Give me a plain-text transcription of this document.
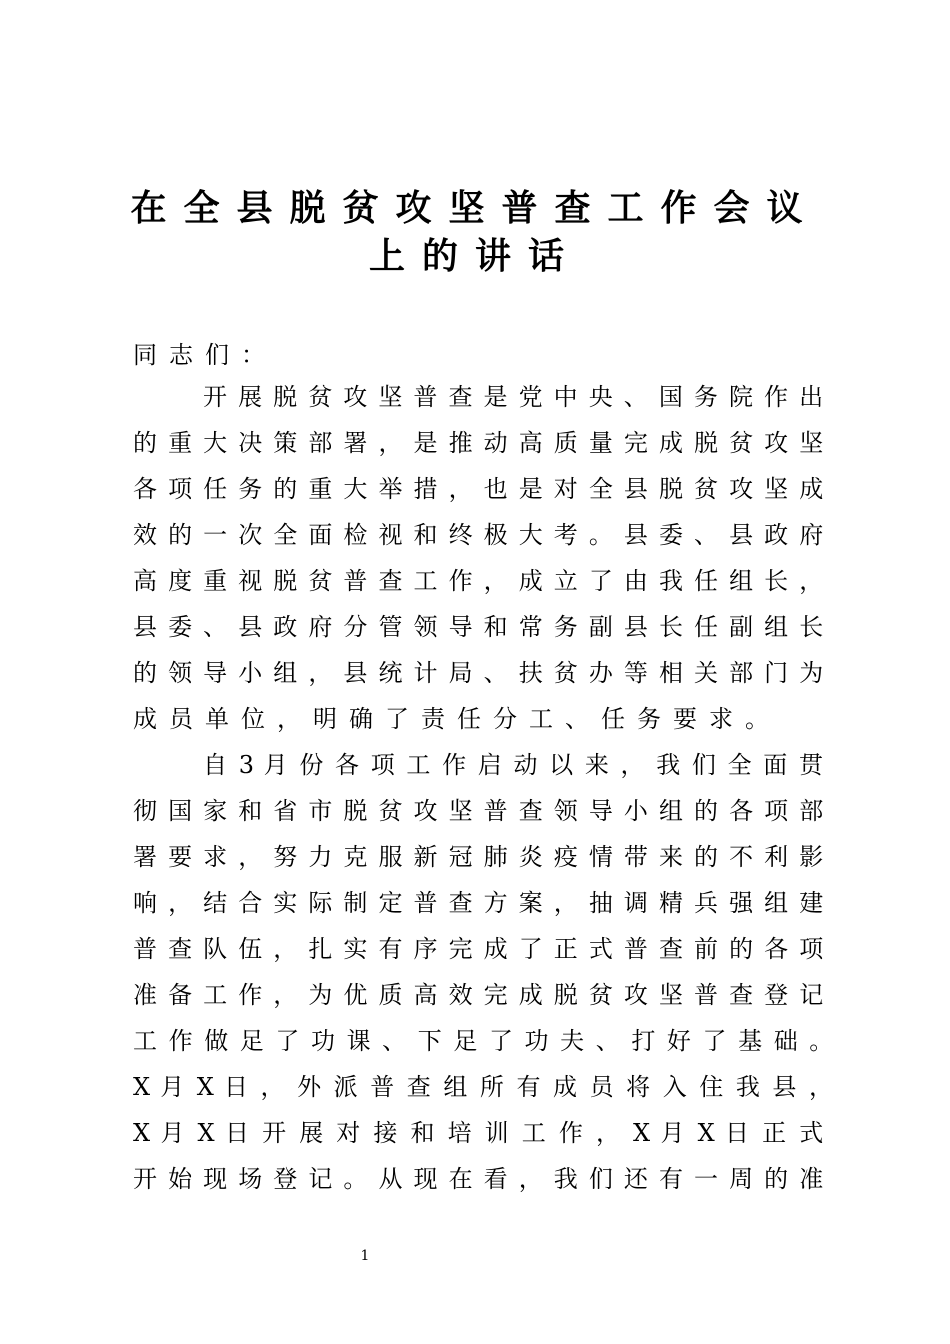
在全县脱贫攻坚普查工作会议
上的讲话
同志们：
开 展 脱 贫 攻 坚 普 查 是 党 中 央 、 国 务 院 作 出
的 重 大 决 策 部 署 ， 是 推 动 高 质 量 完 成 脱 贫 攻 坚
各 项 任 务 的 重 大 举 措 ， 也 是 对 全 县 脱 贫 攻 坚 成
效 的 一 次 全 面 检 视 和 终 极 大 考 。 县 委 、 县 政 府
高 度 重 视 脱 贫 普 查 工 作 ， 成 立 了 由 我 任 组 长 ，
县 委 、 县 政 府 分 管 领 导 和 常 务 副 县 长 任 副 组 长
的 领 导 小 组 ， 县 统 计 局 、 扶 贫 办 等 相 关 部 门 为
成员单位，明确了责任分工、任务要求。
自 3 月 份 各 项 工 作 启 动 以 来 ， 我 们 全 面 贯
彻 国 家 和 省 市 脱 贫 攻 坚 普 查 领 导 小 组 的 各 项 部
署 要 求 ， 努 力 克 服 新 冠 肺 炎 疫 情 带 来 的 不 利 影
响 ， 结 合 实 际 制 定 普 查 方 案 ， 抽 调 精 兵 强 组 建
普 查 队 伍 ， 扎 实 有 序 完 成 了 正 式 普 查 前 的 各 项
准 备 工 作 ， 为 优 质 高 效 完 成 脱 贫 攻 坚 普 查 登 记
工 作 做 足 了 功 课 、 下 足 了 功 夫 、 打 好 了 基 础 。
X 月 X 日 ， 外 派 普 查 组 所 有 成 员 将 入 住 我 县 ，
X 月 X 日 开 展 对 接 和 培 训 工 作 ， X 月 X 日 正 式
开 始 现 场 登 记 。 从 现 在 看 ， 我 们 还 有 一 周 的 准
1
